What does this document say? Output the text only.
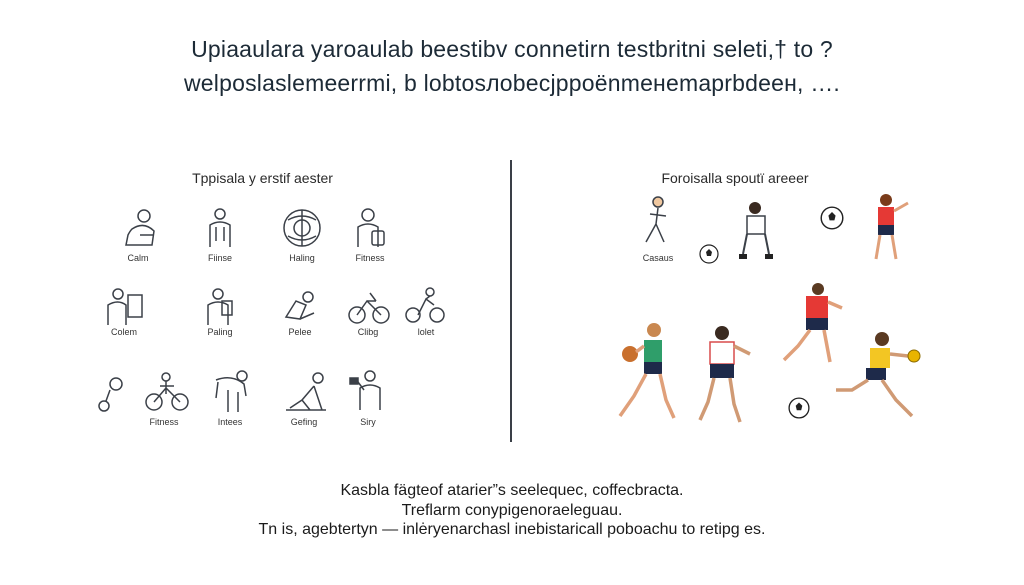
Upiaaulara yaroaulab beestibv connetirn testbritni seleti,† to ?
welposlaslemeerrmi, b lobtosлobecjppoёnmeнemaprbdeeн, ….
Tppisala y erstif aester
Calm	Fiinse	Haling	Fitness
Colem	Paling	Pelee	Clibg	lolet
Fitness	Intees	Gefing	Siry
Foroisalla spoutï areeer
Casaus
Kasbla fägteof atarier”s seelequec, coffecbracta.
Treflarm conypigenoraeleguau.
Tn is, agebtertyn — inlėryenarchasl inebistaricall poboachu to retipg es.
